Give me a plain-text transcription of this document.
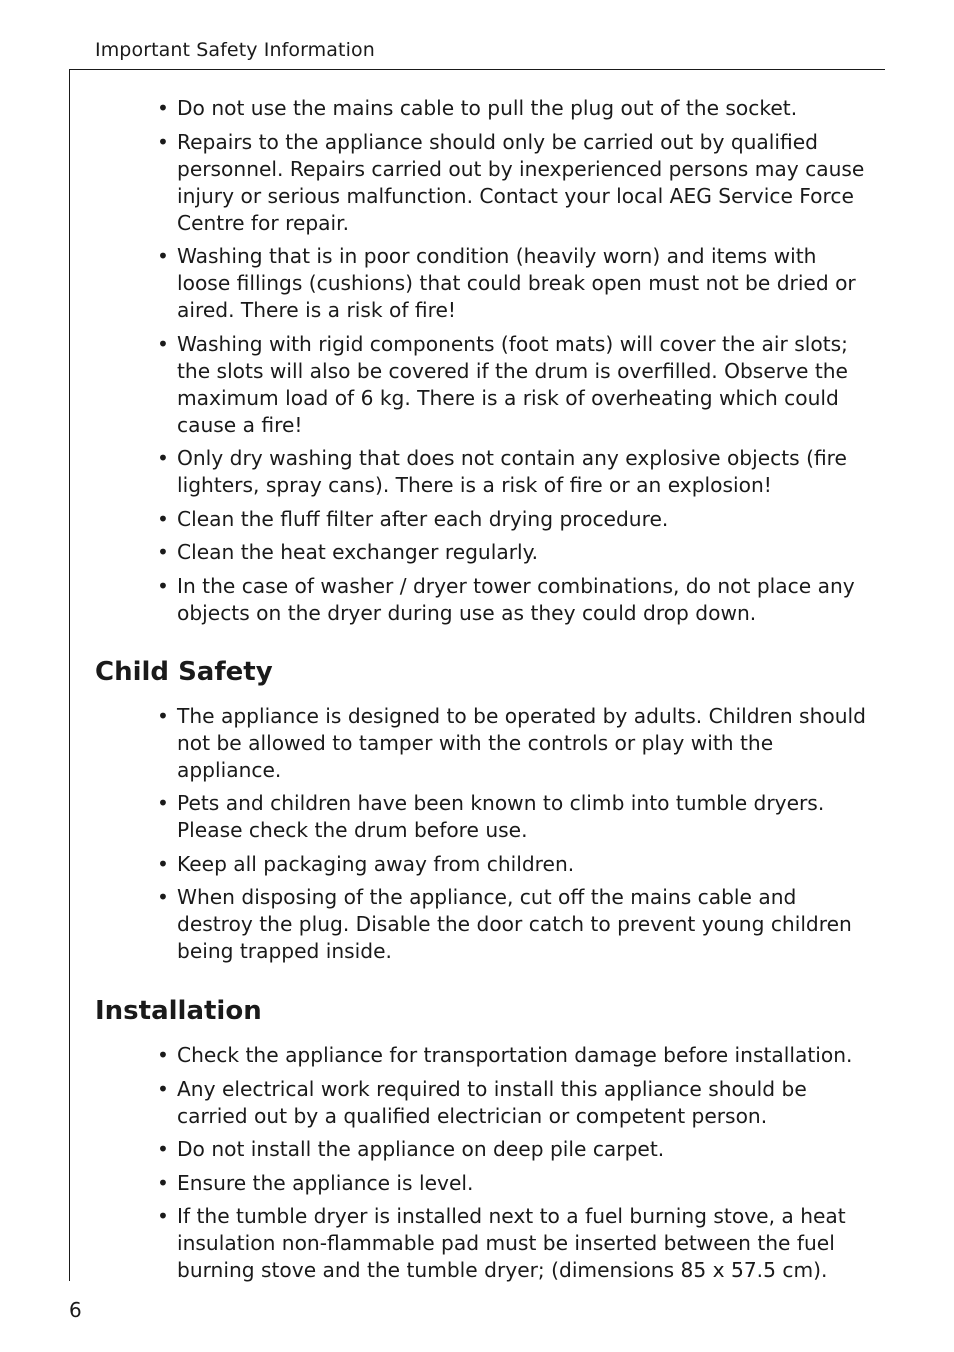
Important Safety Information
• Do not use the mains cable to pull the plug out of the socket.
• Repairs to the appliance should only be carried out by qualified personnel. Repairs carried out by inexperienced persons may cause injury or serious malfunction. Contact your local AEG Service Force Centre for repair.
• Washing that is in poor condition (heavily worn) and items with loose fillings (cushions) that could break open must not be dried or aired. There is a risk of fire!
• Washing with rigid components (foot mats) will cover the air slots; the slots will also be covered if the drum is overfilled. Observe the maximum load of 6 kg. There is a risk of overheating which could cause a fire!
• Only dry washing that does not contain any explosive objects (fire lighters, spray cans). There is a risk of fire or an explosion!
• Clean the fluff filter after each drying procedure.
• Clean the heat exchanger regularly.
• In the case of washer / dryer tower combinations, do not place any objects on the dryer during use as they could drop down.
Child Safety
• The appliance is designed to be operated by adults. Children should not be allowed to tamper with the controls or play with the appliance.
• Pets and children have been known to climb into tumble dryers. Please check the drum before use.
• Keep all packaging away from children.
• When disposing of the appliance, cut off the mains cable and destroy the plug. Disable the door catch to prevent young children being trapped inside.
Installation
• Check the appliance for transportation damage before installation.
• Any electrical work required to install this appliance should be carried out by a qualified electrician or competent person.
• Do not install the appliance on deep pile carpet.
• Ensure the appliance is level.
• If the tumble dryer is installed next to a fuel burning stove, a heat insulation non-flammable pad must be inserted between the fuel burning stove and the tumble dryer; (dimensions 85 x 57.5 cm).
6
